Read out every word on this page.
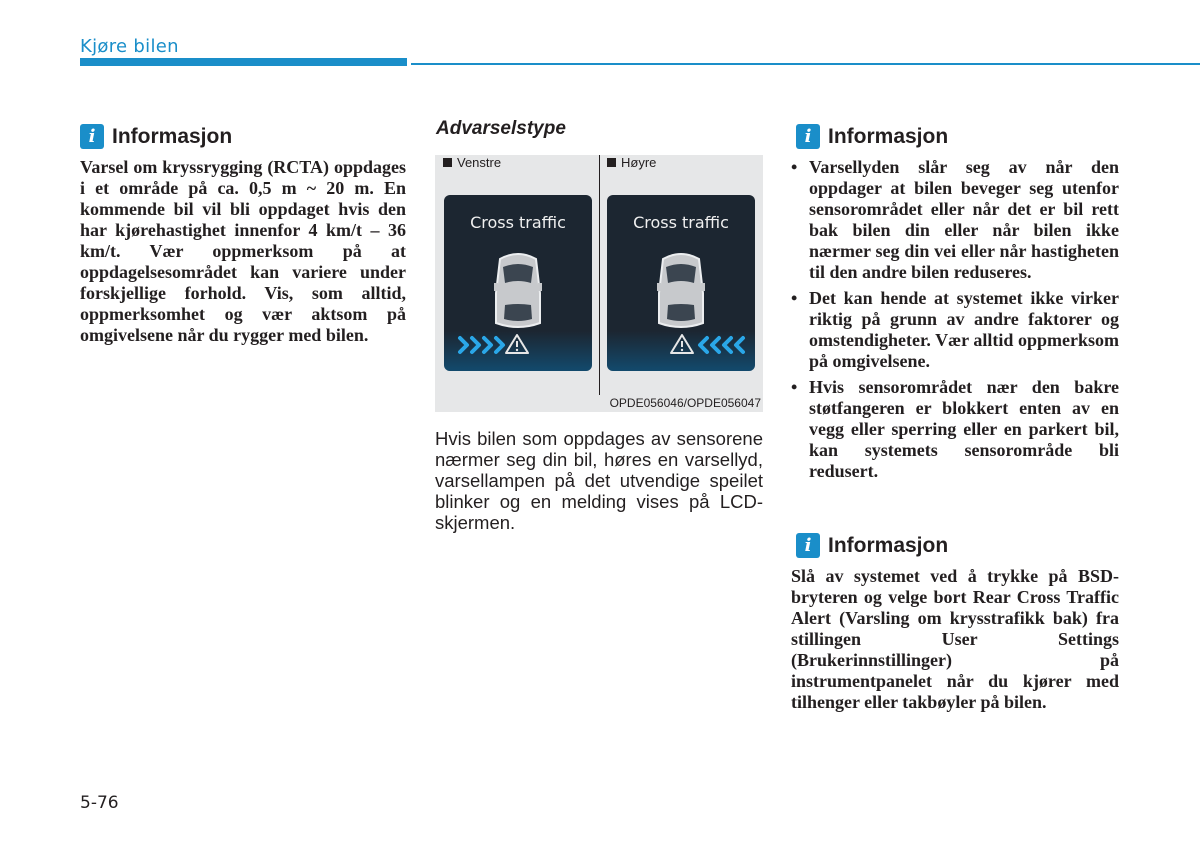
Kjøre bilen
i Informasjon

Varsel om kryssrygging (RCTA) oppdages i et område på ca. 0,5 m ~ 20 m. En kommende bil vil bli oppdaget hvis den har kjørehastighet innenfor 4 km/t – 36 km/t. Vær oppmerksom på at oppdagelsesområdet kan variere under forskjellige forhold. Vis, som alltid, oppmerksomhet og vær aktsom på omgivelsene når du rygger med bilen.

Advarselstype
Venstre	Høyre
Cross traffic	Cross traffic
OPDE056046/OPDE056047

Hvis bilen som oppdages av sensorene nærmer seg din bil, høres en varsellyd, varsellampen på det utvendige speilet blinker og en melding vises på LCD-skjermen.

i Informasjon
• Varsellyden slår seg av når den oppdager at bilen beveger seg utenfor sensorområdet eller når det er bil rett bak bilen din eller når bilen ikke nærmer seg din vei eller når hastigheten til den andre bilen reduseres.
• Det kan hende at systemet ikke virker riktig på grunn av andre faktorer og omstendigheter. Vær alltid oppmerksom på omgivelsene.
• Hvis sensorområdet nær den bakre støtfangeren er blokkert enten av en vegg eller sperring eller en parkert bil, kan systemets sensorområde bli redusert.
i Informasjon

Slå av systemet ved å trykke på BSD-bryteren og velge bort Rear Cross Traffic Alert (Varsling om krysstrafikk bak) fra stillingen User Settings (Brukerinnstillinger) på instrumentpanelet når du kjører med tilhenger eller takbøyler på bilen.

5-76
